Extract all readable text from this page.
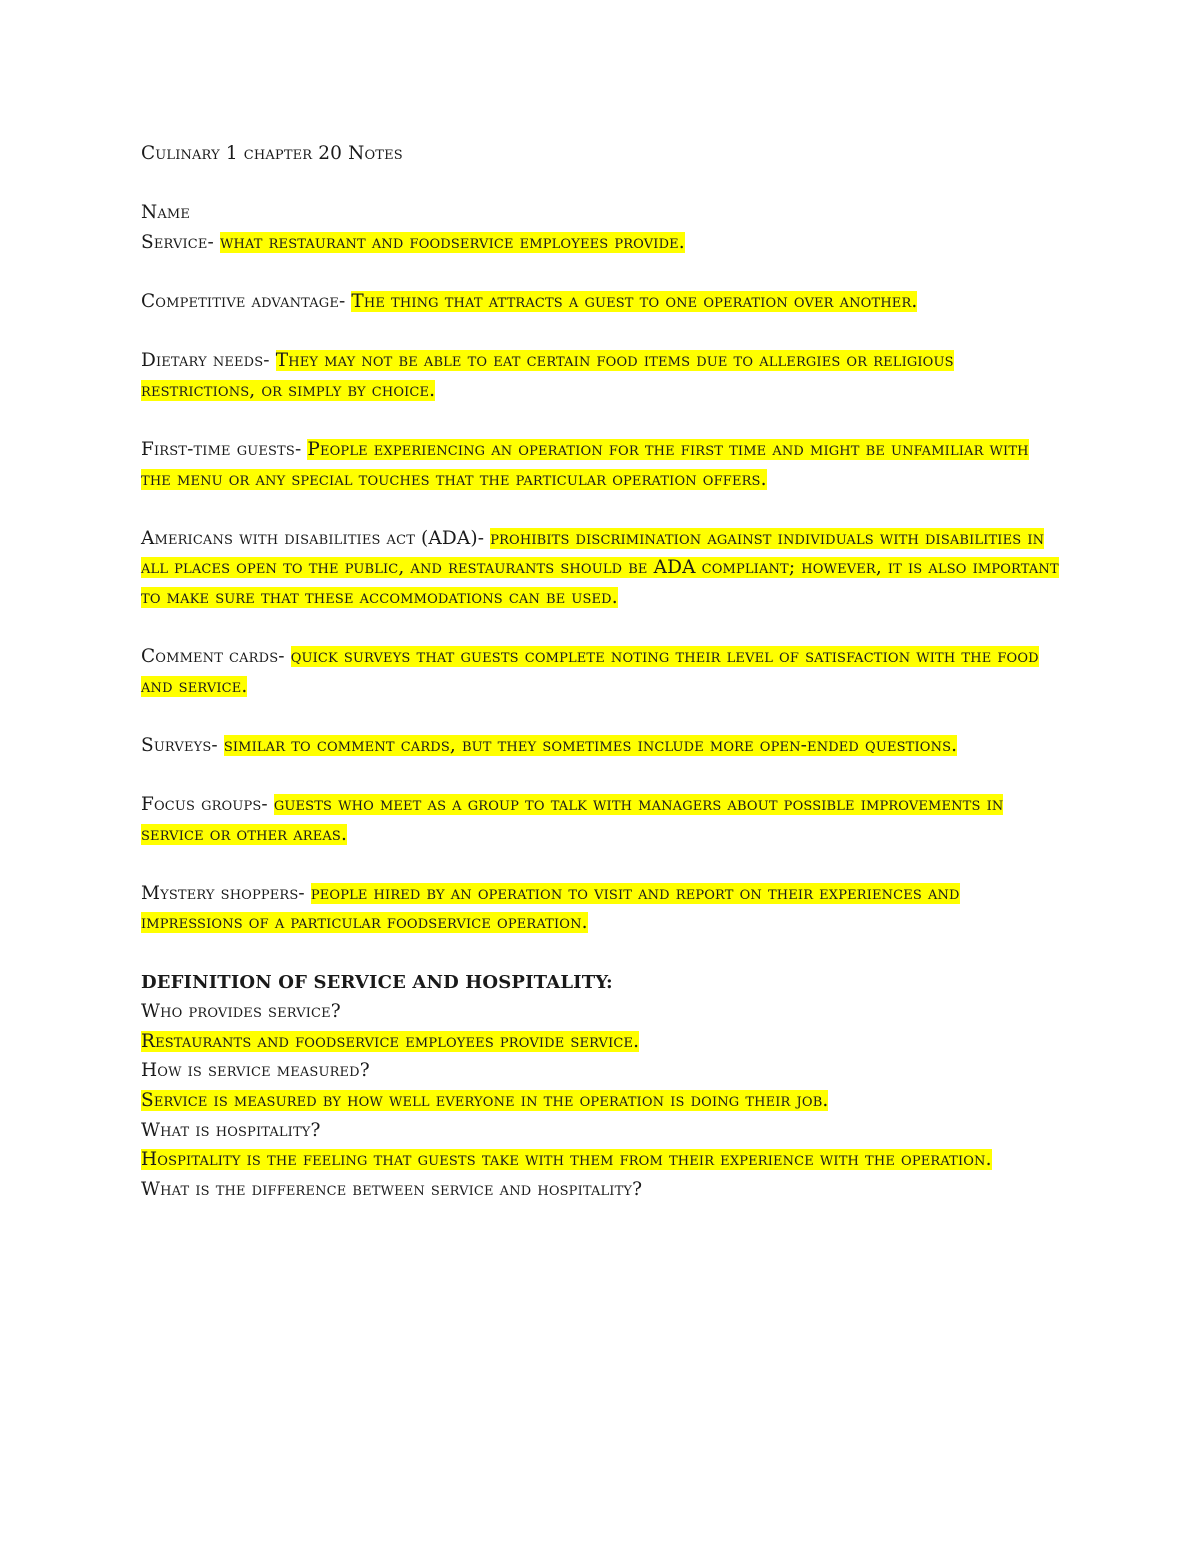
Culinary 1 chapter 20 Notes

Name

Service- what restaurant and foodservice employees provide.

Competitive advantage- The thing that attracts a guest to one operation over another.

Dietary needs- They may not be able to eat certain food items due to allergies or religious restrictions, or simply by choice.

First-time guests- People experiencing an operation for the first time and might be unfamiliar with the menu or any special touches that the particular operation offers.

Americans with disabilities act (ADA)- prohibits discrimination against individuals with disabilities in all places open to the public, and restaurants should be ADA compliant; however, it is also important to make sure that these accommodations can be used.

Comment cards- quick surveys that guests complete noting their level of satisfaction with the food and service.

Surveys- similar to comment cards, but they sometimes include more open-ended questions.

Focus groups- guests who meet as a group to talk with managers about possible improvements in service or other areas.

Mystery shoppers- people hired by an operation to visit and report on their experiences and impressions of a particular foodservice operation.

DEFINITION OF SERVICE AND HOSPITALITY:

Who provides service?

Restaurants and foodservice employees provide service.

How is service measured?

Service is measured by how well everyone in the operation is doing their job.

What is hospitality?

Hospitality is the feeling that guests take with them from their experience with the operation.

What is the difference between service and hospitality?
